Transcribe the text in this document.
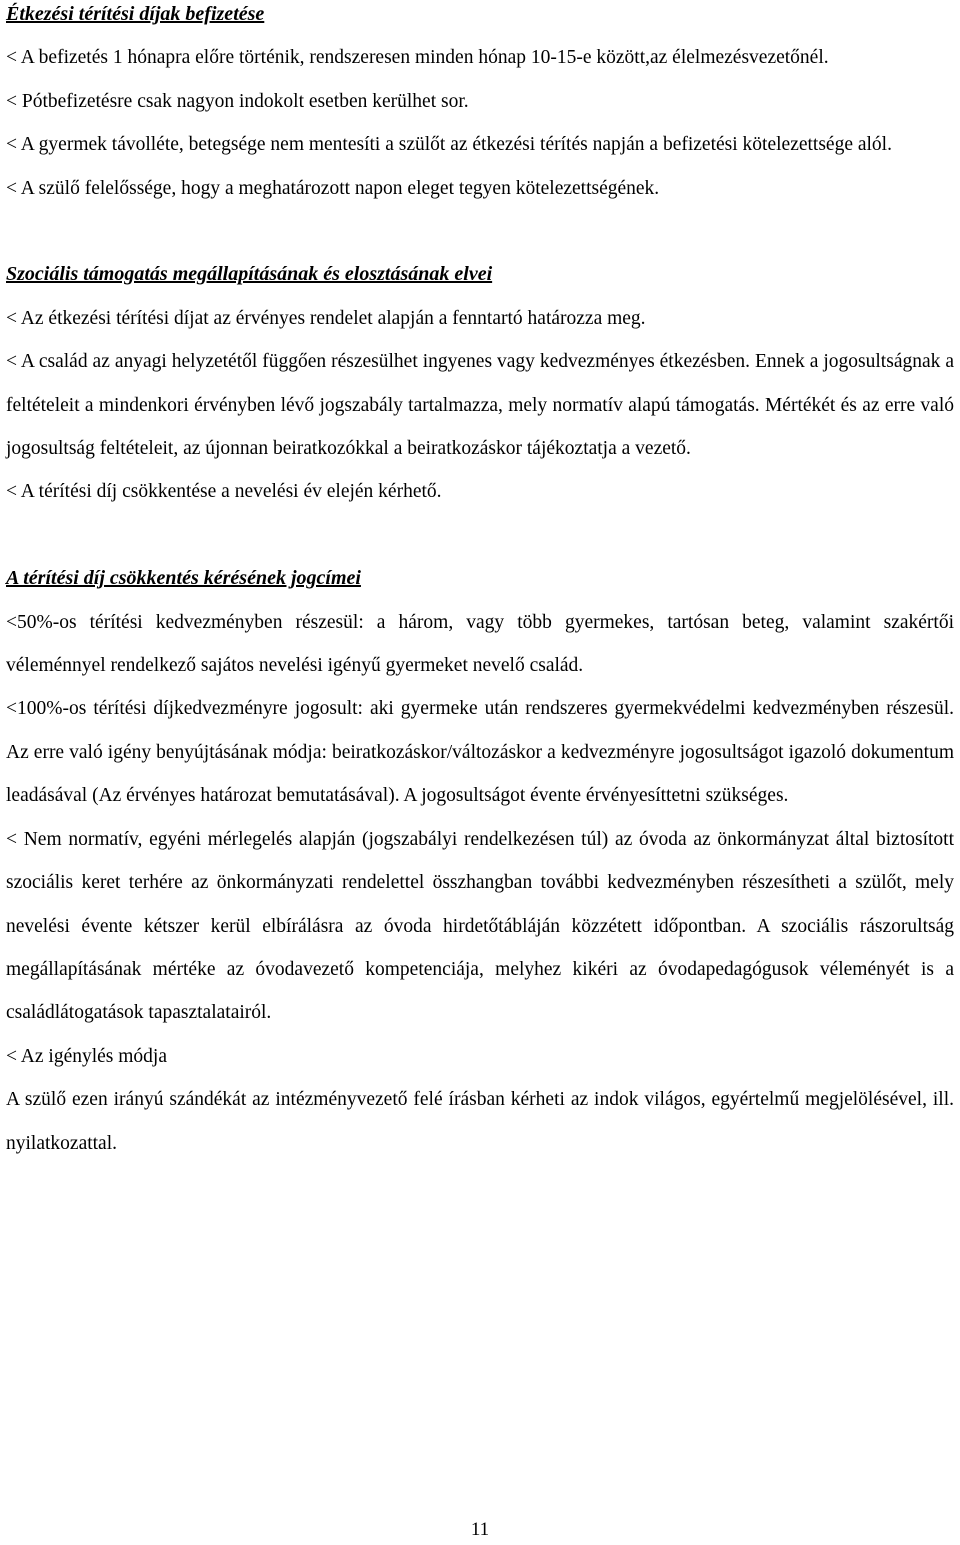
Étkezési térítési díjak befizetése
< A befizetés 1 hónapra előre történik, rendszeresen minden hónap 10-15-e között,az élelmezésvezetőnél.
< Pótbefizetésre csak nagyon indokolt esetben kerülhet sor.
< A gyermek távolléte, betegsége nem mentesíti a szülőt az étkezési térítés napján a befizetési kötelezettsége alól.
< A szülő felelőssége, hogy a meghatározott napon eleget tegyen kötelezettségének.
Szociális támogatás megállapításának és elosztásának elvei
< Az étkezési térítési díjat az érvényes rendelet alapján a fenntartó határozza meg.
< A család az anyagi helyzetétől függően részesülhet ingyenes vagy kedvezményes étkezésben. Ennek a jogosultságnak a feltételeit a mindenkori érvényben lévő jogszabály tartalmazza, mely normatív alapú támogatás. Mértékét és az erre való jogosultság feltételeit, az újonnan beiratkozókkal a beiratkozáskor tájékoztatja a vezető.
< A térítési díj csökkentése a nevelési év elején kérhető.
A térítési díj csökkentés kérésének jogcímei
<50%-os térítési kedvezményben részesül: a három, vagy több gyermekes, tartósan beteg, valamint szakértői véleménnyel rendelkező sajátos nevelési igényű gyermeket nevelő család.
<100%-os térítési díjkedvezményre jogosult: aki gyermeke után rendszeres gyermekvédelmi kedvezményben részesül. Az erre való igény benyújtásának módja: beiratkozáskor/változáskor a kedvezményre jogosultságot igazoló dokumentum leadásával (Az érvényes határozat bemutatásával). A jogosultságot évente érvényesíttetni szükséges.
< Nem normatív, egyéni mérlegelés alapján (jogszabályi rendelkezésen túl) az óvoda az önkormányzat által biztosított szociális keret terhére az önkormányzati rendelettel összhangban további kedvezményben részesítheti a szülőt, mely nevelési évente kétszer kerül elbírálásra az óvoda hirdetőtábláján közzétett időpontban. A szociális rászorultság megállapításának mértéke az óvodavezető kompetenciája, melyhez kikéri az óvodapedagógusok véleményét is a családlátogatások tapasztalatairól.
< Az igénylés módja
A szülő ezen irányú szándékát az intézményvezető felé írásban kérheti az indok világos, egyértelmű megjelölésével, ill. nyilatkozattal.
11
